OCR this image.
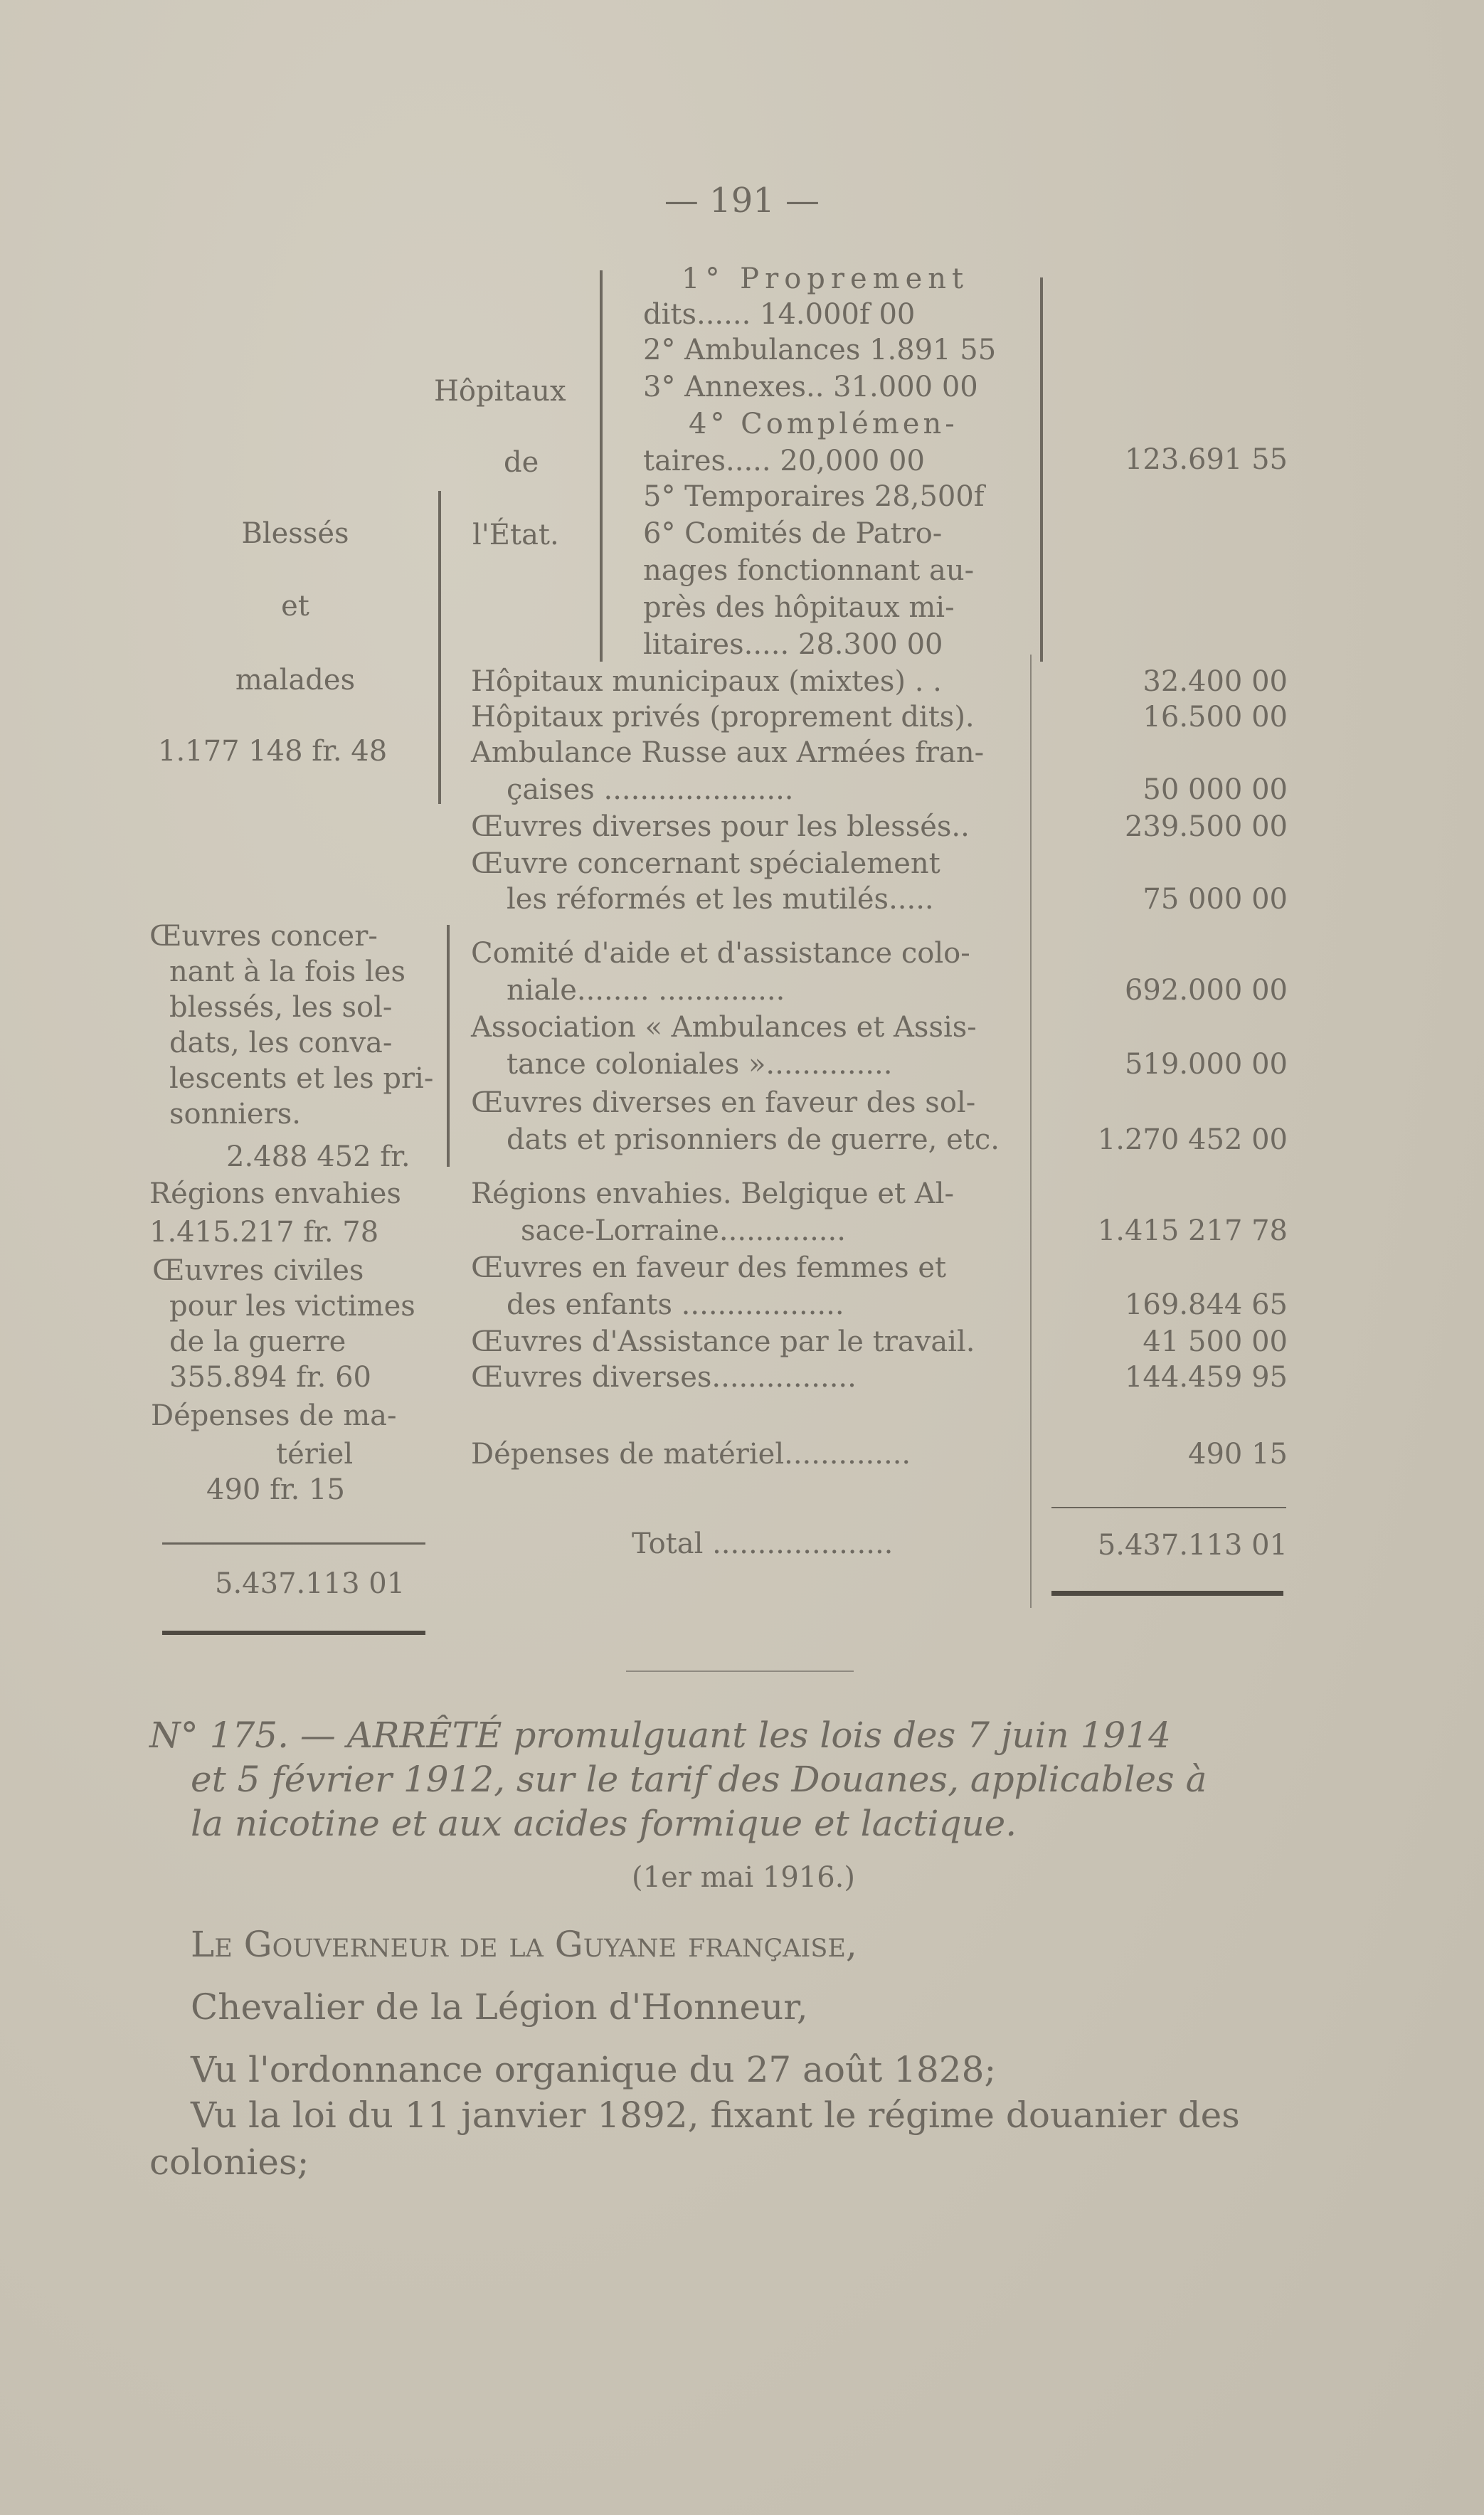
— 191 —
Blessés
et
malades
1.177 148 fr. 48
Œuvres concer-
nant à la fois les
blessés, les sol-
dats, les conva-
lescents et les pri-
sonniers.
2.488 452 fr.
Régions envahies
1.415.217 fr. 78
Œuvres civiles
pour les victimes
de la guerre
355.894 fr. 60
Dépenses de ma-
tériel
490 fr. 15
5.437.113 01
Hôpitaux
de
l'État.
1° Proprement
dits...... 14.000f 00
2° Ambulances 1.891 55
3° Annexes.. 31.000 00
4° Complémen-
taires..... 20,000 00
5° Temporaires 28,500f
6° Comités de Patro-
nages fonctionnant au-
près des hôpitaux mi-
litaires..... 28.300 00
Hôpitaux municipaux (mixtes) . .
Hôpitaux privés (proprement dits).
Ambulance Russe aux Armées fran-
çaises .....................
Œuvres diverses pour les blessés..
Œuvre concernant spécialement
les réformés et les mutilés.....
Comité d'aide et d'assistance colo-
niale........ ..............
Association « Ambulances et Assis-
tance coloniales »..............
Œuvres diverses en faveur des sol-
dats et prisonniers de guerre, etc.
Régions envahies. Belgique et Al-
sace-Lorraine..............
Œuvres en faveur des femmes et
des enfants ..................
Œuvres d'Assistance par le travail.
Œuvres diverses................
Dépenses de matériel..............
Total ....................
123.691 55
32.400 00
16.500 00
50 000 00
239.500 00
75 000 00
692.000 00
519.000 00
1.270 452 00
1.415 217 78
169.844 65
41 500 00
144.459 95
490 15
5.437.113 01
N° 175. — ARRÊTÉ promulguant les lois des 7 juin 1914
et 5 février 1912, sur le tarif des Douanes, applicables à
la nicotine et aux acides formique et lactique.
(1er mai 1916.)
Le Gouverneur de la Guyane française,
Chevalier de la Légion d'Honneur,
Vu l'ordonnance organique du 27 août 1828;
Vu la loi du 11 janvier 1892, fixant le régime douanier des
colonies;
